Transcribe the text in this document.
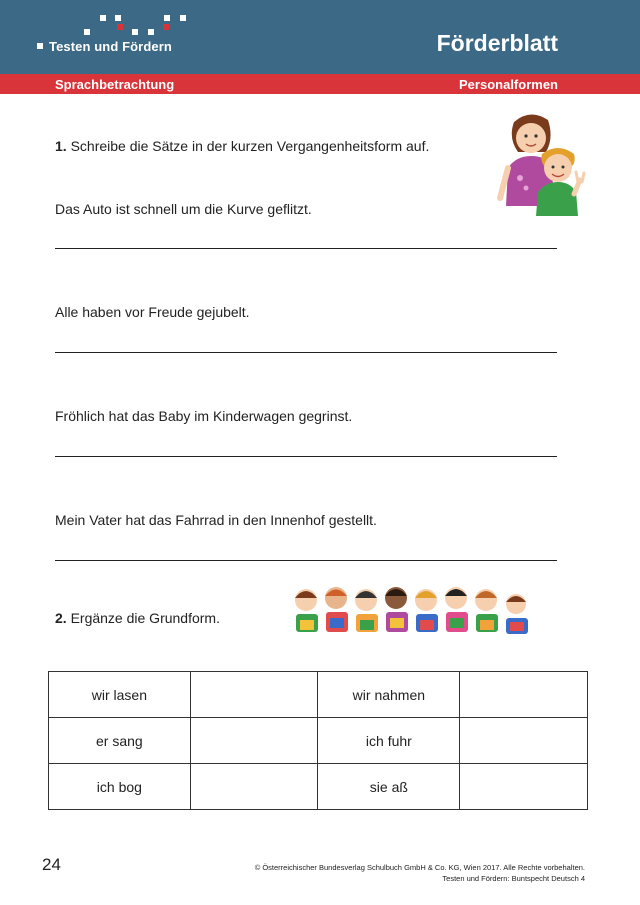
Testen und Fördern	Förderblatt
Sprachbetrachtung	Personalformen
1. Schreibe die Sätze in der kurzen Vergangenheitsform auf.
Das Auto ist schnell um die Kurve geflitzt.
Alle haben vor Freude gejubelt.
Fröhlich hat das Baby im Kinderwagen gegrinst.
Mein Vater hat das Fahrrad in den Innenhof gestellt.
2. Ergänze die Grundform.
wir lasen		wir nahmen	
er sang		ich fuhr	
ich bog		sie aß	
24	© Österreichischer Bundesverlag Schulbuch GmbH & Co. KG, Wien 2017. Alle Rechte vorbehalten.
Testen und Fördern: Buntspecht Deutsch 4
